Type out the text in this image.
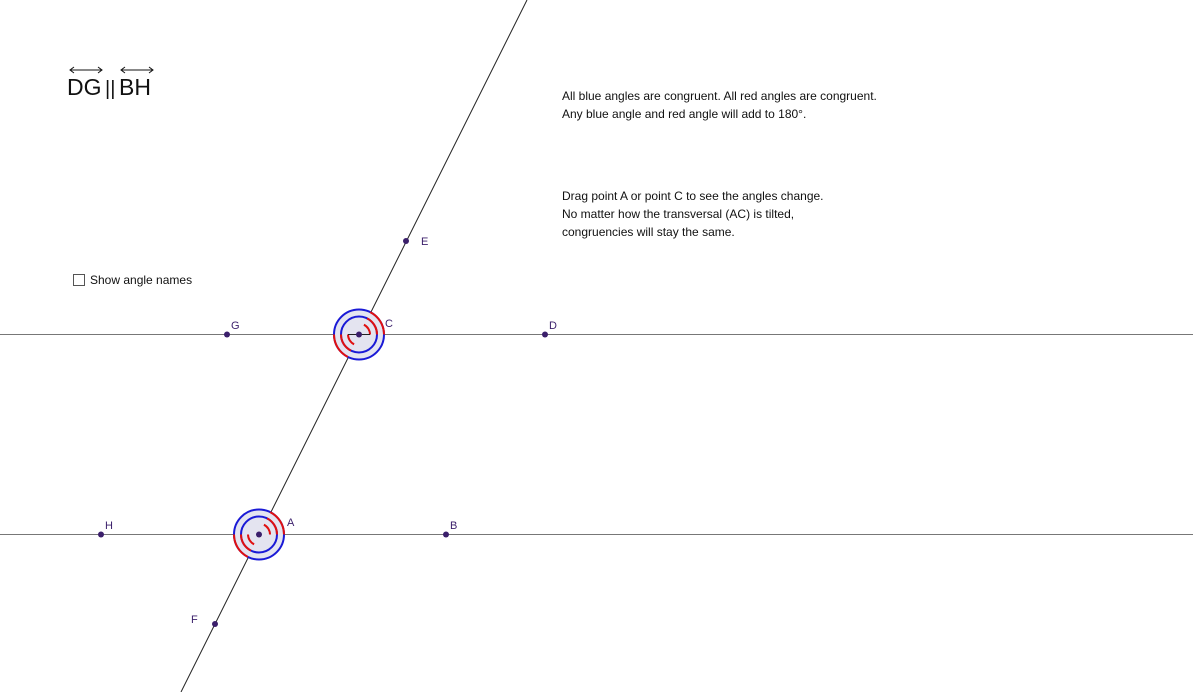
E
G	C	D
H	A	B
F
DG || BH	All blue angles are congruent. All red angles are congruent.
Any blue angle and red angle will add to 180°.
Drag point A or point C to see the angles change.
No matter how the transversal (AC) is tilted,
congruencies will stay the same.
Show angle names
